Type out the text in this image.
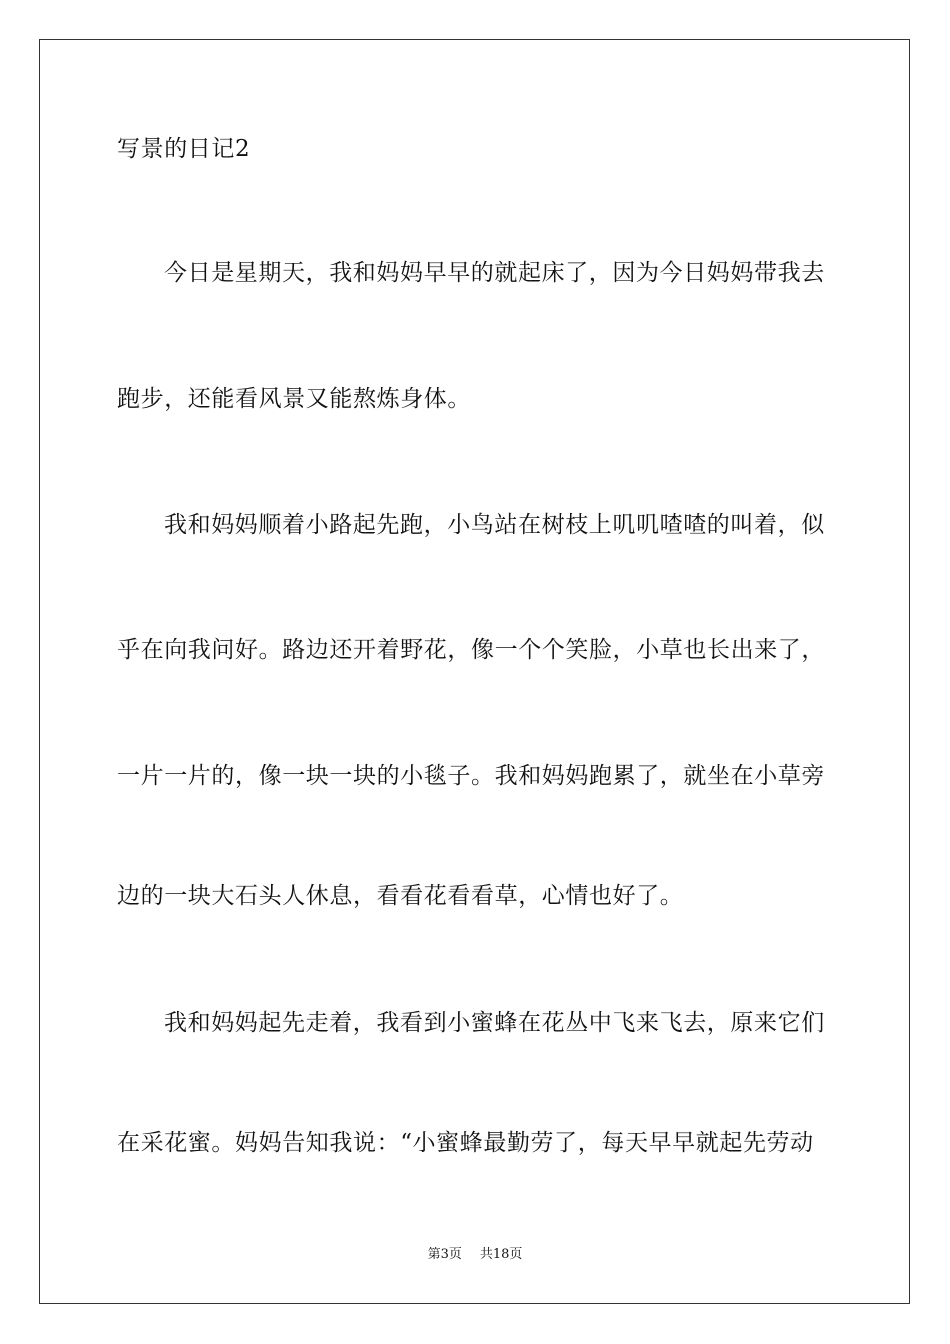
写景的日记2
今日是星期天，我和妈妈早早的就起床了，因为今日妈妈带我去
跑步，还能看风景又能熬炼身体。
我和妈妈顺着小路起先跑，小鸟站在树枝上叽叽喳喳的叫着，似
乎在向我问好。路边还开着野花，像一个个笑脸，小草也长出来了，
一片一片的，像一块一块的小毯子。我和妈妈跑累了，就坐在小草旁
边的一块大石头人休息，看看花看看草，心情也好了。
我和妈妈起先走着，我看到小蜜蜂在花丛中飞来飞去，原来它们
在采花蜜。妈妈告知我说：“小蜜蜂最勤劳了，每天早早就起先劳动
第3页 共18页
